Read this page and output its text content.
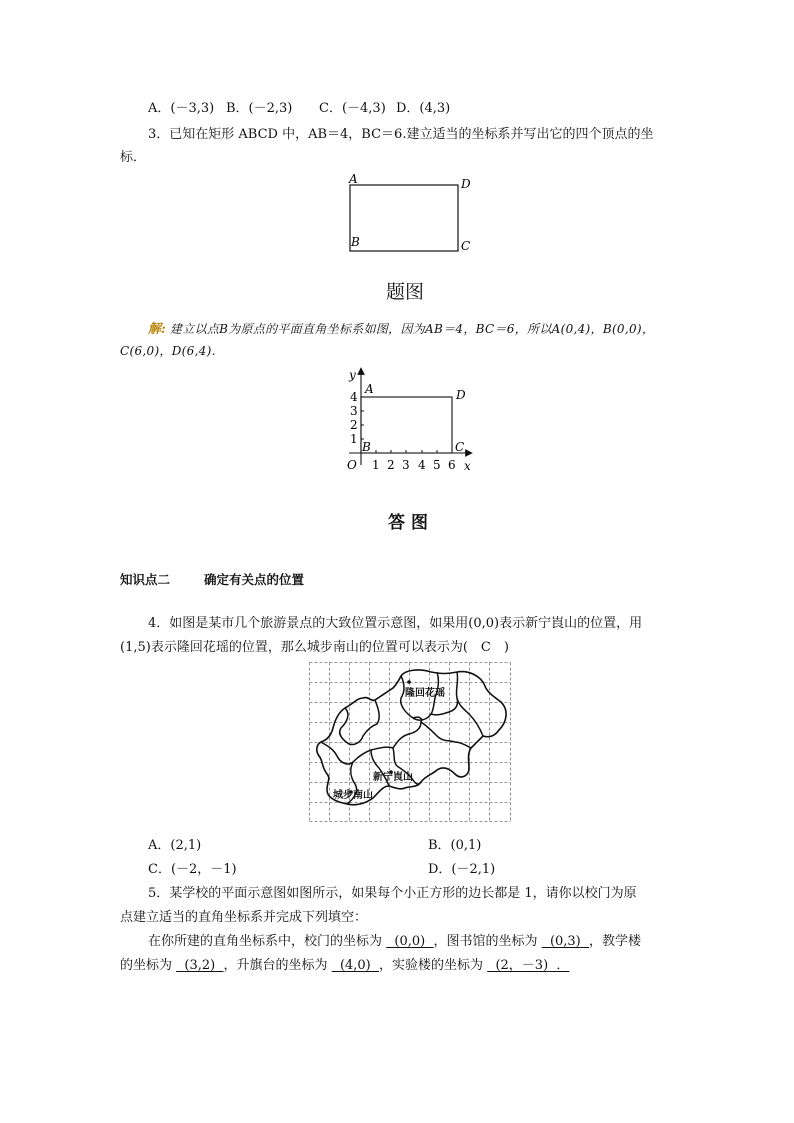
A．(－3,3) B．(－2,3) C．(－4,3) D．(4,3)
3．已知在矩形 ABCD 中，AB＝4，BC＝6.建立适当的坐标系并写出它的四个顶点的坐
标．
A	D
B	C
题图
解: 建立以点B为原点的平面直角坐标系如图，因为AB＝4，BC＝6，所以A(0,4)，B(0,0)，
C(6,0)，D(6,4).
y
x
O
4
3
2
1
1 2 3 4 5 6
A	D
B	C
答图
知识点二	确定有关点的位置
4．如图是某市几个旅游景点的大致位置示意图，如果用(0,0)表示新宁崀山的位置，用
(1,5)表示隆回花瑶的位置，那么城步南山的位置可以表示为(　C　)
隆回花瑶
新宁崀山
城步南山
A．(2,1)	B．(0,1)
C．(－2，－1)	D．(－2,1)
5．某学校的平面示意图如图所示，如果每个小正方形的边长都是 1，请你以校门为原
点建立适当的直角坐标系并完成下列填空：
在你所建的直角坐标系中，校门的坐标为 (0,0) ，图书馆的坐标为 (0,3) ，教学楼
的坐标为 (3,2) ，升旗台的坐标为 (4,0) ，实验楼的坐标为 (2，－3) ．
